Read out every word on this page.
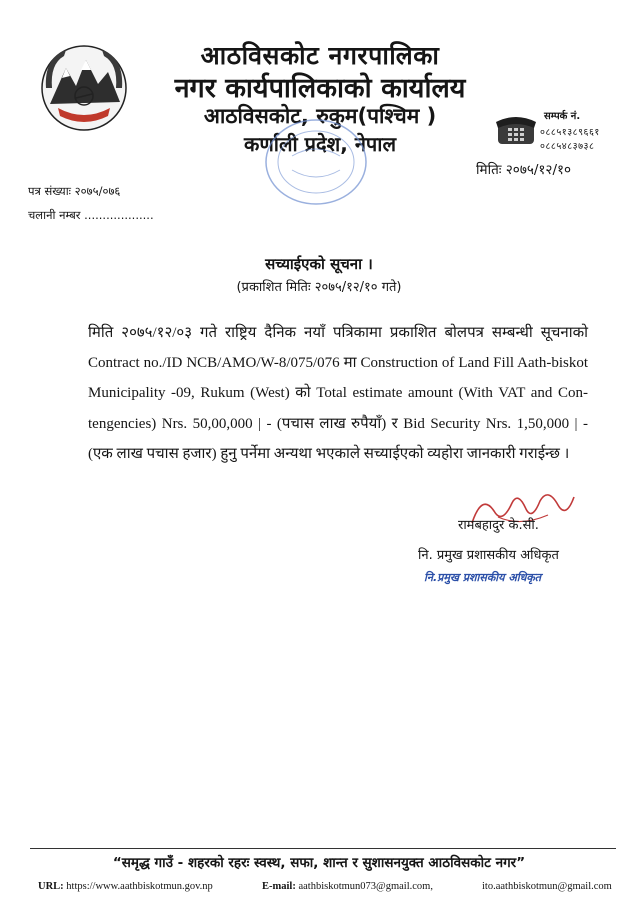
आठविसकोट नगरपालिका
नगर कार्यपालिकाको कार्यालय
आठविसकोट, रुकुम(पश्चिम )
कर्णाली प्रदेश, नेपाल
सम्पर्क नं.
०८८५१३८९६६१
०८८५४८३७३८
मितिः २०७५/१२/१०
पत्र संख्याः २०७५/०७६
चलानी नम्बर ...................
सच्याईएको सूचना ।
(प्रकाशित मितिः २०७५/१२/१० गते)
मिति २०७५/१२/०३ गते राष्ट्रिय दैनिक नयाँ पत्रिकामा प्रकाशित बोलपत्र सम्बन्धी सूचनाको Contract no./ID NCB/AMO/W-8/075/076 मा Construction of Land Fill Aath-biskot Municipality -09, Rukum (West) को Total estimate amount (With VAT and Con-tengencies) Nrs. 50,00,000 | - (पचास लाख रुपैयाँ) र Bid Security Nrs. 1,50,000 | - (एक लाख पचास हजार) हुनु पर्नेमा अन्यथा भएकाले सच्याईएको व्यहोरा जानकारी गराईन्छ ।
रामबहादुर के.सी.
नि. प्रमुख प्रशासकीय अधिकृत
नि.प्रमुख प्रशासकीय अधिकृत
“समृद्ध गाउँ - शहरको रहरः स्वस्थ, सफा, शान्त र सुशासनयुक्त आठविसकोट नगर”
URL: https://www.aathbiskotmun.gov.np	E-mail: aathbiskotmun073@gmail.com,	ito.aathbiskotmun@gmail.com
